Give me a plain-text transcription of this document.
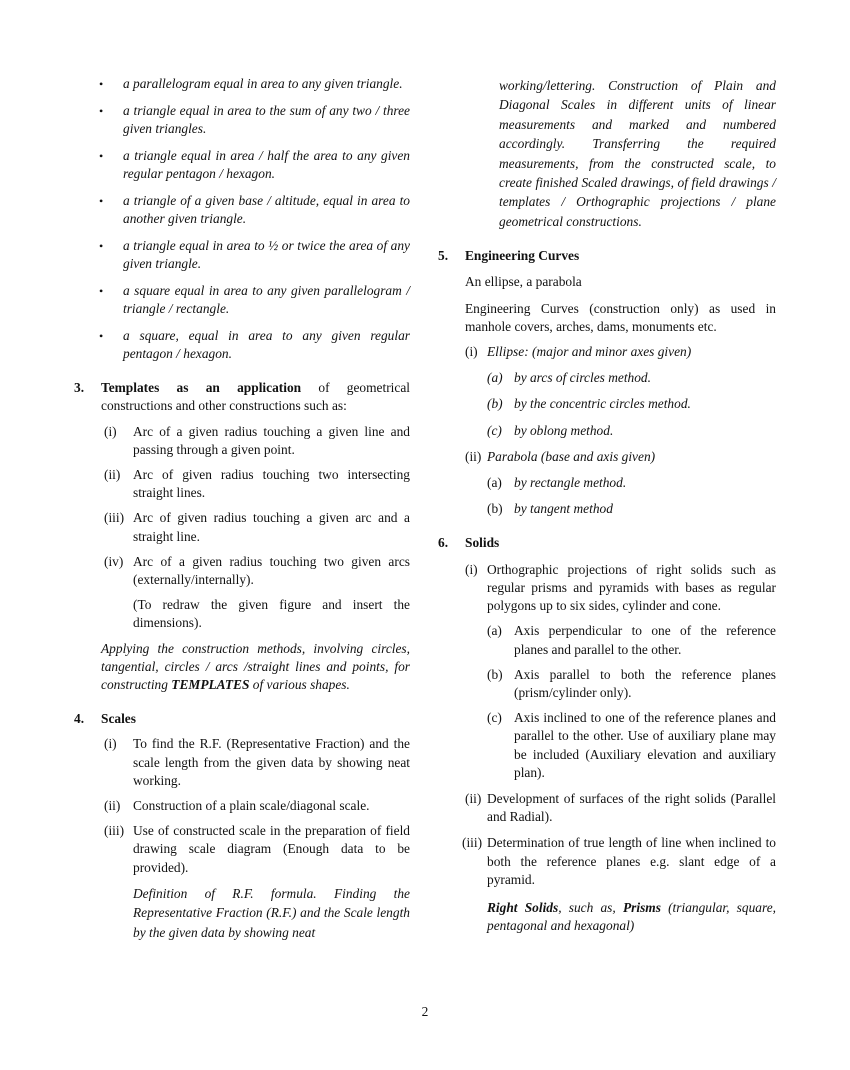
• a parallelogram equal in area to any given triangle.
• a triangle equal in area to the sum of any two / three given triangles.
• a triangle equal in area / half the area to any given regular pentagon / hexagon.
• a triangle of a given base / altitude, equal in area to another given triangle.
• a triangle equal in area to ½ or twice the area of any given triangle.
• a square equal in area to any given parallelogram / triangle / rectangle.
• a square, equal in area to any given regular pentagon / hexagon.
3. Templates as an application of geometrical constructions and other constructions such as:

(i) Arc of a given radius touching a given line and passing through a given point.

(ii) Arc of given radius touching two intersecting straight lines.

(iii) Arc of given radius touching a given arc and a straight line.

(iv) Arc of a given radius touching two given arcs (externally/internally).

(To redraw the given figure and insert the dimensions).

Applying the construction methods, involving circles, tangential, circles / arcs /straight lines and points, for constructing TEMPLATES of various shapes.

4. Scales

(i) To find the R.F. (Representative Fraction) and the scale length from the given data by showing neat working.

(ii) Construction of a plain scale/diagonal scale.

(iii) Use of constructed scale in the preparation of field drawing scale diagram (Enough data to be provided).

Definition of R.F. formula. Finding the Representative Fraction (R.F.) and the Scale length by the given data by showing neat

working/lettering. Construction of Plain and Diagonal Scales in different units of linear measurements and marked and numbered accordingly. Transferring the required measurements, from the constructed scale, to create finished Scaled drawings, of field drawings / templates / Orthographic projections / plane geometrical constructions.

5. Engineering Curves

An ellipse, a parabola

Engineering Curves (construction only) as used in manhole covers, arches, dams, monuments etc.

(i) Ellipse: (major and minor axes given)

(a) by arcs of circles method.

(b) by the concentric circles method.

(c) by oblong method.

(ii) Parabola (base and axis given)

(a) by rectangle method.

(b) by tangent method

6. Solids

(i) Orthographic projections of right solids such as regular prisms and pyramids with bases as regular polygons up to six sides, cylinder and cone.

(a) Axis perpendicular to one of the reference planes and parallel to the other.

(b) Axis parallel to both the reference planes (prism/cylinder only).

(c) Axis inclined to one of the reference planes and parallel to the other. Use of auxiliary plane may be included (Auxiliary elevation and auxiliary plan).

(ii) Development of surfaces of the right solids (Parallel and Radial).

(iii) Determination of true length of line when inclined to both the reference planes e.g. slant edge of a pyramid.

Right Solids, such as, Prisms (triangular, square, pentagonal and hexagonal)

2
